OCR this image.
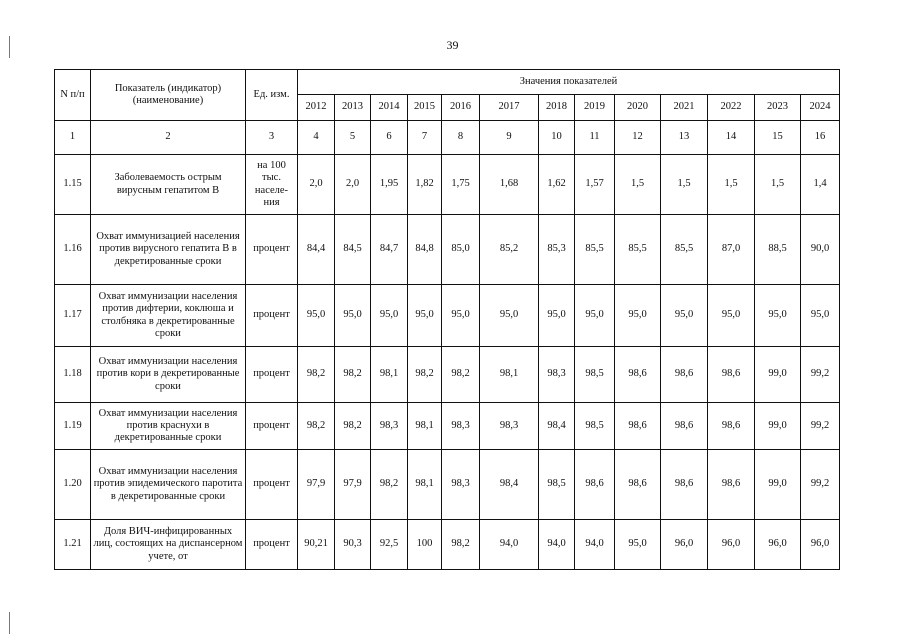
39
N п/п	Показатель (индикатор) (наименование)	Ед. изм.	Значения показателей												
			2012	2013	2014	2015	2016	2017	2018	2019	2020	2021	2022	2023	2024
1	2	3	4	5	6	7	8	9	10	11	12	13	14	15	16
1.15	Заболеваемость острым вирусным гепатитом В	на 100 тыс. населе-ния	2,0	2,0	1,95	1,82	1,75	1,68	1,62	1,57	1,5	1,5	1,5	1,5	1,4
1.16	Охват иммунизацией населения против вирусного гепатита В в декретированные сроки	процент	84,4	84,5	84,7	84,8	85,0	85,2	85,3	85,5	85,5	85,5	87,0	88,5	90,0
1.17	Охват иммунизации населения против дифтерии, коклюша и столбняка в декретированные сроки	процент	95,0	95,0	95,0	95,0	95,0	95,0	95,0	95,0	95,0	95,0	95,0	95,0	95,0
1.18	Охват иммунизации населения против кори в декретированные сроки	процент	98,2	98,2	98,1	98,2	98,2	98,1	98,3	98,5	98,6	98,6	98,6	99,0	99,2
1.19	Охват иммунизации населения против краснухи в декретированные сроки	процент	98,2	98,2	98,3	98,1	98,3	98,3	98,4	98,5	98,6	98,6	98,6	99,0	99,2
1.20	Охват иммунизации населения против эпидемического паротита в декретированные сроки	процент	97,9	97,9	98,2	98,1	98,3	98,4	98,5	98,6	98,6	98,6	98,6	99,0	99,2
1.21	Доля ВИЧ-инфицированных лиц, состоящих на диспансерном учете, от	процент	90,21	90,3	92,5	100	98,2	94,0	94,0	94,0	95,0	96,0	96,0	96,0	96,0
